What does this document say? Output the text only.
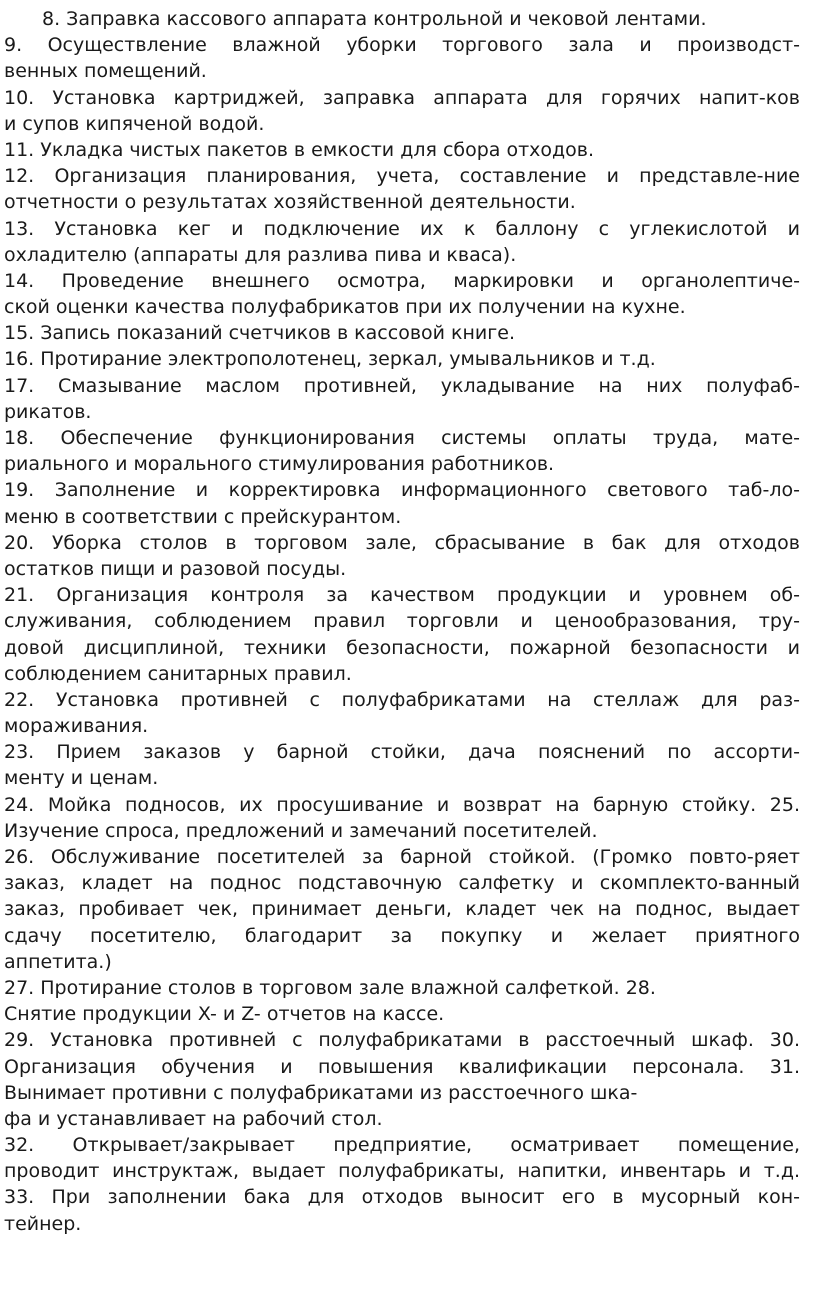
8. Заправка кассового аппарата контрольной и чековой лентами.
9. Осуществление влажной уборки торгового зала и производст-
венных помещений.
10. Установка картриджей, заправка аппарата для горячих напит-ков
и супов кипяченой водой.
11. Укладка чистых пакетов в емкости для сбора отходов.
12. Организация планирования, учета, составление и представле-ние
отчетности о результатах хозяйственной деятельности.
13. Установка кег и подключение их к баллону с углекислотой и
охладителю (аппараты для разлива пива и кваса).
14. Проведение внешнего осмотра, маркировки и органолептиче-
ской оценки качества полуфабрикатов при их получении на кухне.
15. Запись показаний счетчиков в кассовой книге.
16. Протирание электрополотенец, зеркал, умывальников и т.д.
17. Смазывание маслом противней, укладывание на них полуфаб-
рикатов.
18. Обеспечение функционирования системы оплаты труда, мате-
риального и морального стимулирования работников.
19. Заполнение и корректировка информационного светового таб-ло-
меню в соответствии с прейскурантом.
20. Уборка столов в торговом зале, сбрасывание в бак для отходов
остатков пищи и разовой посуды.
21. Организация контроля за качеством продукции и уровнем об-
служивания, соблюдением правил торговли и ценообразования, тру-
довой дисциплиной, техники безопасности, пожарной безопасности и
соблюдением санитарных правил.
22. Установка противней с полуфабрикатами на стеллаж для раз-
мораживания.
23. Прием заказов у барной стойки, дача пояснений по ассорти-
менту и ценам.
24. Мойка подносов, их просушивание и возврат на барную стойку. 25.
Изучение спроса, предложений и замечаний посетителей.
26. Обслуживание посетителей за барной стойкой. (Громко повто-ряет
заказ, кладет на поднос подставочную салфетку и скомплекто-ванный
заказ, пробивает чек, принимает деньги, кладет чек на поднос, выдает
сдачу посетителю, благодарит за покупку и желает приятного
аппетита.)
27. Протирание столов в торговом зале влажной салфеткой. 28.
Снятие продукции X- и Z- отчетов на кассе.
29. Установка противней с полуфабрикатами в расстоечный шкаф. 30.
Организация обучения и повышения квалификации персонала. 31.
Вынимает противни с полуфабрикатами из расстоечного шка-
фа и устанавливает на рабочий стол.
32. Открывает/закрывает предприятие, осматривает помещение,
проводит инструктаж, выдает полуфабрикаты, напитки, инвентарь и т.д.
33. При заполнении бака для отходов выносит его в мусорный кон-
тейнер.
